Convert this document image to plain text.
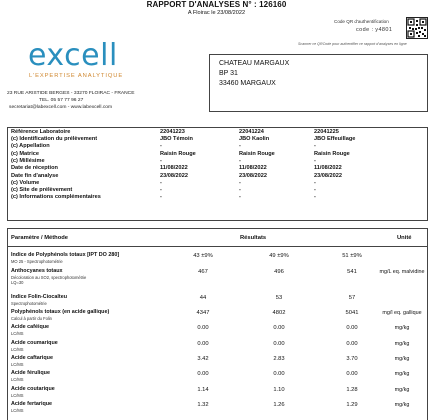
RAPPORT D'ANALYSES N° : 126160
A Floirac le 23/08/2022
Code QR d'authentification
code : y4801
Scanner ce QRCode pour authentifier ce rapport d'analyses en ligne
excell
L'EXPERTISE ANALYTIQUE
23 RUE ARISTIDE BERGES - 33270 FLOIRAC - FRANCE
TEL. 05 57 77 96 27
secretariat@labexcell.com - www.labexcell.com
CHATEAU MARGAUX
BP 31
33460 MARGAUX
Référence Laboratoire	22041223	22041224	22041225
(c) Identification du prélèvement	JBO Témoin	JBO Kaolin	JBO Effeuillage
(c) Appellation	-	-	-
(c) Matrice	Raisin Rouge	Raisin Rouge	Raisin Rouge
(c) Millésime	-	-	-
Date de réception	11/08/2022	11/08/2022	11/08/2022
Date fin d'analyse	23/08/2022	23/08/2022	23/08/2022
(c) Volume	-	-	-
(c) Site de prélèvement	-	-	-
(c) Informations complémentaires	-	-	-
Paramètre / Méthode	Résultats	Unité
Indice de Polyphénols totaux [IPT DO 280]
MO 25 - Spectrophotométrie
43 ±9%	49 ±9%	51 ±9%
Anthocyanes totaux
Décoloration au SO2, spectrophotométrie
LQ=30
467	496	541	mg/L eq. malvidine
Indice Folin-Ciocalteu
Spectrophotométrie
44	53	57
Polyphénols totaux (en acide gallique)
Calcul à partir du Folin
4347	4802	5041	mg/l eq. gallique
Acide caféique
LC/MS
0.00	0.00	0.00	mg/kg
Acide coumarique
LC/MS
0.00	0.00	0.00	mg/kg
Acide caftarique
LC/MS
3.42	2.83	3.70	mg/kg
Acide férulique
LC/MS
0.00	0.00	0.00	mg/kg
Acide coutarique
LC/MS
1.14	1.10	1.28	mg/kg
Acide fertarique
LC/MS
1.32	1.26	1.29	mg/kg
